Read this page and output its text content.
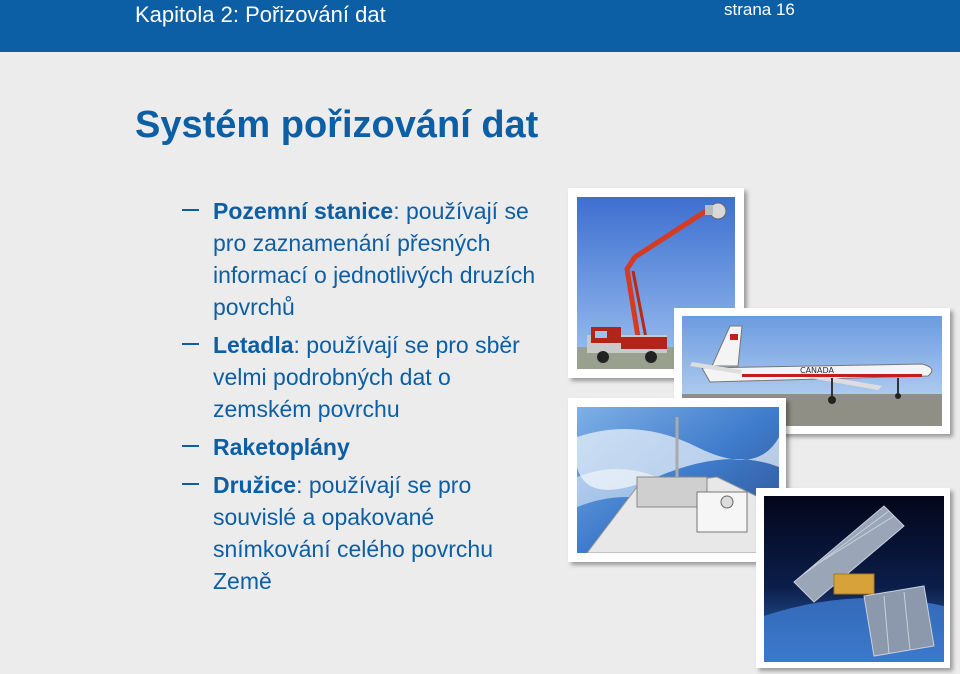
Kapitola 2: Pořizování dat	strana 16
Systém pořizování dat
Pozemní stanice: používají se pro zaznamenání přesných informací o jednotlivých druzích povrchů
Letadla: používají se pro sběr velmi podrobných dat o zemském povrchu
Raketoplány
Družice: používají se pro souvislé a opakované snímkování celého povrchu Země
CANADA
